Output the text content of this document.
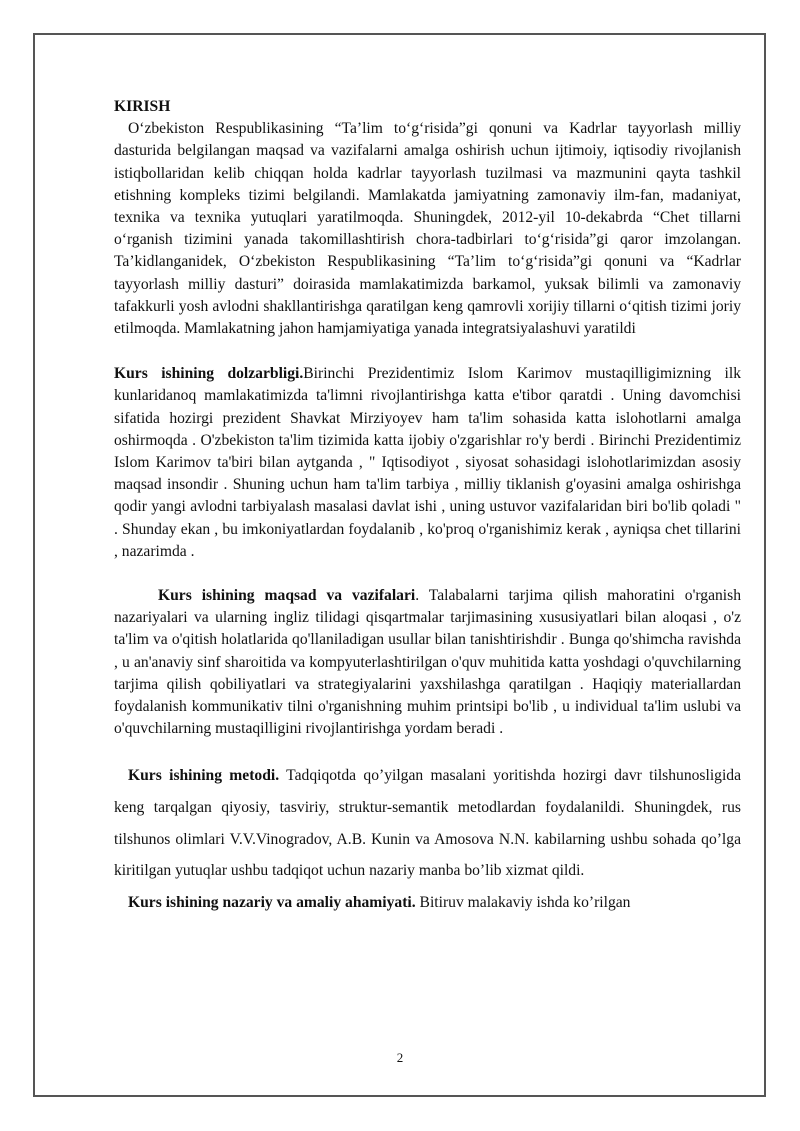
KIRISH

O‘zbekiston Respublikasining “Ta’lim to‘g‘risida”gi qonuni va Kadrlar tayyorlash milliy dasturida belgilangan maqsad va vazifalarni amalga oshirish uchun ijtimoiy, iqtisodiy rivojlanish istiqbollaridan kelib chiqqan holda kadrlar tayyorlash tuzilmasi va mazmunini qayta tashkil etishning kompleks tizimi belgilandi. Mamlakatda jamiyatning zamonaviy ilm-fan, madaniyat, texnika va texnika yutuqlari yaratilmoqda. Shuningdek, 2012-yil 10-dekabrda “Chet tillarni o‘rganish tizimini yanada takomillashtirish chora-tadbirlari to‘g‘risida”gi qaror imzolangan. Ta’kidlanganidek, O‘zbekiston Respublikasining “Ta’lim to‘g‘risida”gi qonuni va “Kadrlar tayyorlash milliy dasturi” doirasida mamlakatimizda barkamol, yuksak bilimli va zamonaviy tafakkurli yosh avlodni shakllantirishga qaratilgan keng qamrovli xorijiy tillarni o‘qitish tizimi joriy etilmoqda. Mamlakatning jahon hamjamiyatiga yanada integratsiyalashuvi yaratildi

Kurs ishining dolzarbligi.Birinchi Prezidentimiz Islom Karimov mustaqilligimizning ilk kunlaridanoq mamlakatimizda ta'limni rivojlantirishga katta e'tibor qaratdi . Uning davomchisi sifatida hozirgi prezident Shavkat Mirziyoyev ham ta'lim sohasida katta islohotlarni amalga oshirmoqda . O'zbekiston ta'lim tizimida katta ijobiy o'zgarishlar ro'y berdi . Birinchi Prezidentimiz Islom Karimov ta'biri bilan aytganda , " Iqtisodiyot , siyosat sohasidagi islohotlarimizdan asosiy maqsad insondir . Shuning uchun ham ta'lim tarbiya , milliy tiklanish g'oyasini amalga oshirishga qodir yangi avlodni tarbiyalash masalasi davlat ishi , uning ustuvor vazifalaridan biri bo'lib qoladi " . Shunday ekan , bu imkoniyatlardan foydalanib , ko'proq o'rganishimiz kerak , ayniqsa chet tillarini , nazarimda .

Kurs ishining maqsad va vazifalari. Talabalarni tarjima qilish mahoratini o'rganish nazariyalari va ularning ingliz tilidagi qisqartmalar tarjimasining xususiyatlari bilan aloqasi , o'z ta'lim va o'qitish holatlarida qo'llaniladigan usullar bilan tanishtirishdir . Bunga qo'shimcha ravishda , u an'anaviy sinf sharoitida va kompyuterlashtirilgan o'quv muhitida katta yoshdagi o'quvchilarning tarjima qilish qobiliyatlari va strategiyalarini yaxshilashga qaratilgan . Haqiqiy materiallardan foydalanish kommunikativ tilni o'rganishning muhim printsipi bo'lib , u individual ta'lim uslubi va o'quvchilarning mustaqilligini rivojlantirishga yordam beradi .

Kurs ishining metodi. Tadqiqotda qo’yilgan masalani yoritishda hozirgi davr tilshunosligida keng tarqalgan qiyosiy, tasviriy, struktur-semantik metodlardan foydalanildi. Shuningdek, rus tilshunos olimlari V.V.Vinogradov, A.B. Kunin va Amosova N.N. kabilarning ushbu sohada qo’lga kiritilgan yutuqlar ushbu tadqiqot uchun nazariy manba bo’lib xizmat qildi.

Kurs ishining nazariy va amaliy ahamiyati. Bitiruv malakaviy ishda ko’rilgan

2
